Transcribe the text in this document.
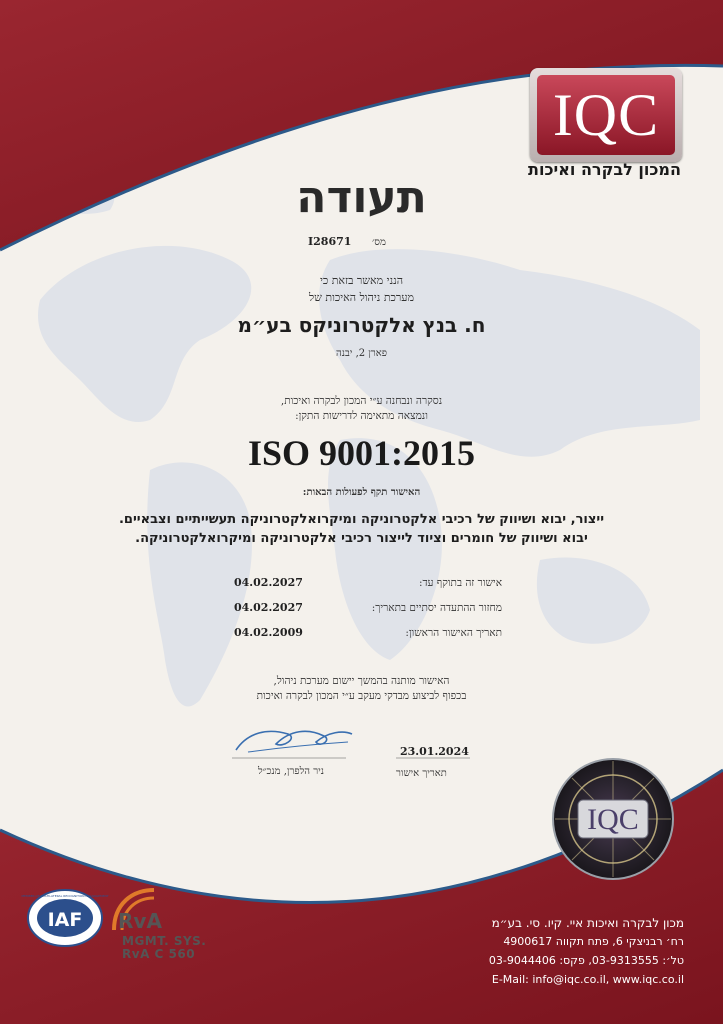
IQC
המכון לבקרה ואיכות
תעודה
מס׳
I28671
הנני מאשר בזאת כי
מערכת ניהול האיכות של
ח. בנץ אלקטרוניקס בע״מ
פארן 2, יבנה
נסקרה ונבחנה ע״י המכון לבקרה ואיכות,
ונמצאה מתאימה לדרישות התקן:
ISO 9001:2015
האישור תקף לפעולות הבאות:
ייצור, יבוא ושיווק של רכיבי אלקטרוניקה ומיקרואלקטרוניקה תעשייתיים וצבאיים.
יבוא ושיווק של חומרים וציוד לייצור רכיבי אלקטרוניקה ומיקרואלקטרוניקה.
אישור זה בתוקף עד:
04.02.2027
מחזור ההתעדה יסתיים בתאריך:
04.02.2027
תאריך האישור הראשון:
04.02.2009
האישור מותנה בהמשך יישום מערכת ניהול,
בכפוף לביצוע מבדקי מעקב ע״י המכון לבקרה ואיכות
ניר הלפרן, מנכ״ל
23.01.2024
תאריך אישור
IQC
IAF
MEMBER OF MULTILATERAL RECOGNITION ARRANGEMENT
RvA
MGMT. SYS.
RvA C 560
מכון לבקרה ואיכות איי. קיו. סי. בע״מ
רח׳ רבניצקי 6, פתח תקווה 4900617
טל׳: 03-9313555, פקס: 03-9044406
E-Mail: info@iqc.co.il, www.iqc.co.il
